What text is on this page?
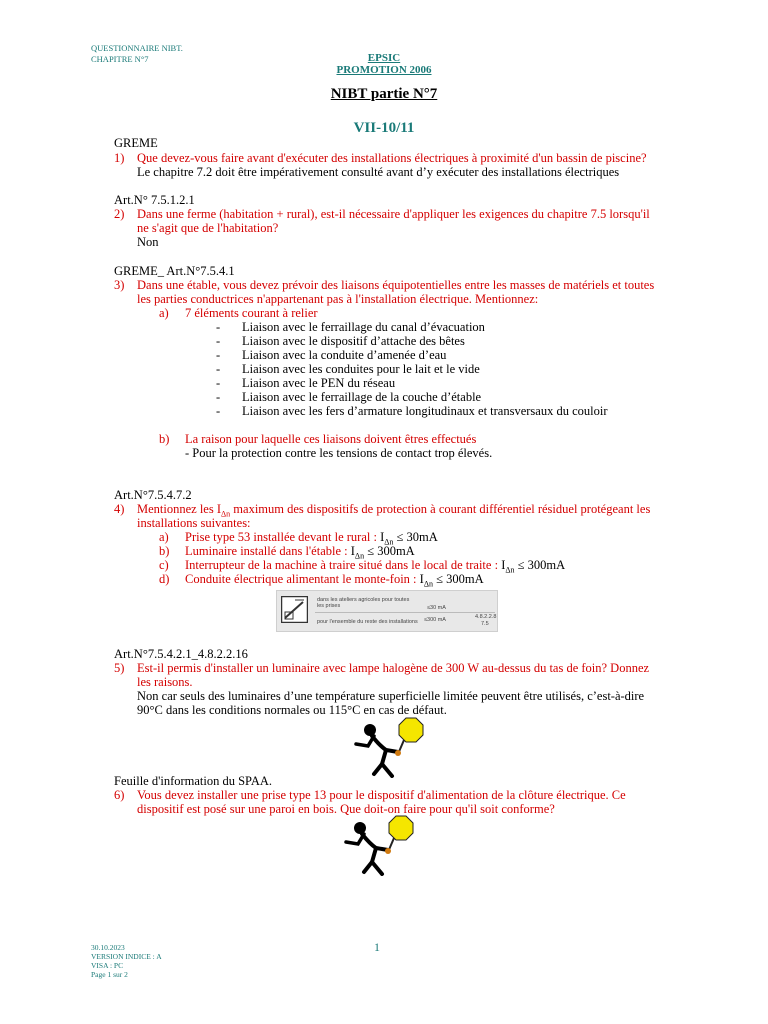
QUESTIONNAIRE NIBT.
CHAPITRE N°7	EPSIC
PROMOTION 2006
NIBT partie N°7
VII-10/11
GREME
1) Que devez-vous faire avant d'exécuter des installations électriques à proximité d'un bassin de piscine?
Le chapitre 7.2 doit être impérativement consulté avant d’y exécuter des installations électriques
Art.N° 7.5.1.2.1
2) Dans une ferme (habitation + rural), est-il nécessaire d'appliquer les exigences du chapitre 7.5 lorsqu'il
ne s'agit que de l'habitation?
Non
GREME_ Art.N°7.5.4.1
3) Dans une étable, vous devez prévoir des liaisons équipotentielles entre les masses de matériels et toutes
les parties conductrices n'appartenant pas à l'installation électrique. Mentionnez:
a) 7 éléments courant à relier
- Liaison avec le ferraillage du canal d’évacuation
- Liaison avec le dispositif d’attache des bêtes
- Liaison avec la conduite d’amenée d’eau
- Liaison avec les conduites pour le lait et le vide
- Liaison avec le PEN du réseau
- Liaison avec le ferraillage de la couche d’étable
- Liaison avec les fers d’armature longitudinaux et transversaux du couloir
b) La raison pour laquelle ces liaisons doivent êtres effectués
- Pour la protection contre les tensions de contact trop élevés.
Art.N°7.5.4.7.2
4) Mentionnez les $I_{\Delta n}$ maximum des dispositifs de protection à courant différentiel résiduel protégeant les
installations suivantes:
a) Prise type 53 installée devant le rural : $I_{\Delta n} \le 30mA$
b) Luminaire installé dans l'étable : $I_{\Delta n} \le 300mA$
c) Interrupteur de la machine à traire situé dans le local de traite : $I_{\Delta n} \le 300mA$
d) Conduite électrique alimentant le monte-foin : $I_{\Delta n} \le 300mA$
dans les ateliers agricoles pour toutes
les prises	≤30 mA
pour l'ensemble du reste des installations ≤300 mA	4.8.2.2.8
7.5
Art.N°7.5.4.2.1_4.8.2.2.16
5) Est-il permis d'installer un luminaire avec lampe halogène de 300 W au-dessus du tas de foin? Donnez
les raisons.
Non car seuls des luminaires d’une température superficielle limitée peuvent être utilisés, c’est-à-dire
90°C dans les conditions normales ou 115°C en cas de défaut.
Feuille d'information du SPAA.
6) Vous devez installer une prise type 13 pour le dispositif d'alimentation de la clôture électrique. Ce
dispositif est posé sur une paroi en bois. Que doit-on faire pour qu'il soit conforme?
30.10.2023
VERSION INDICE : A
VISA : PC
Page 1 sur 2
1
